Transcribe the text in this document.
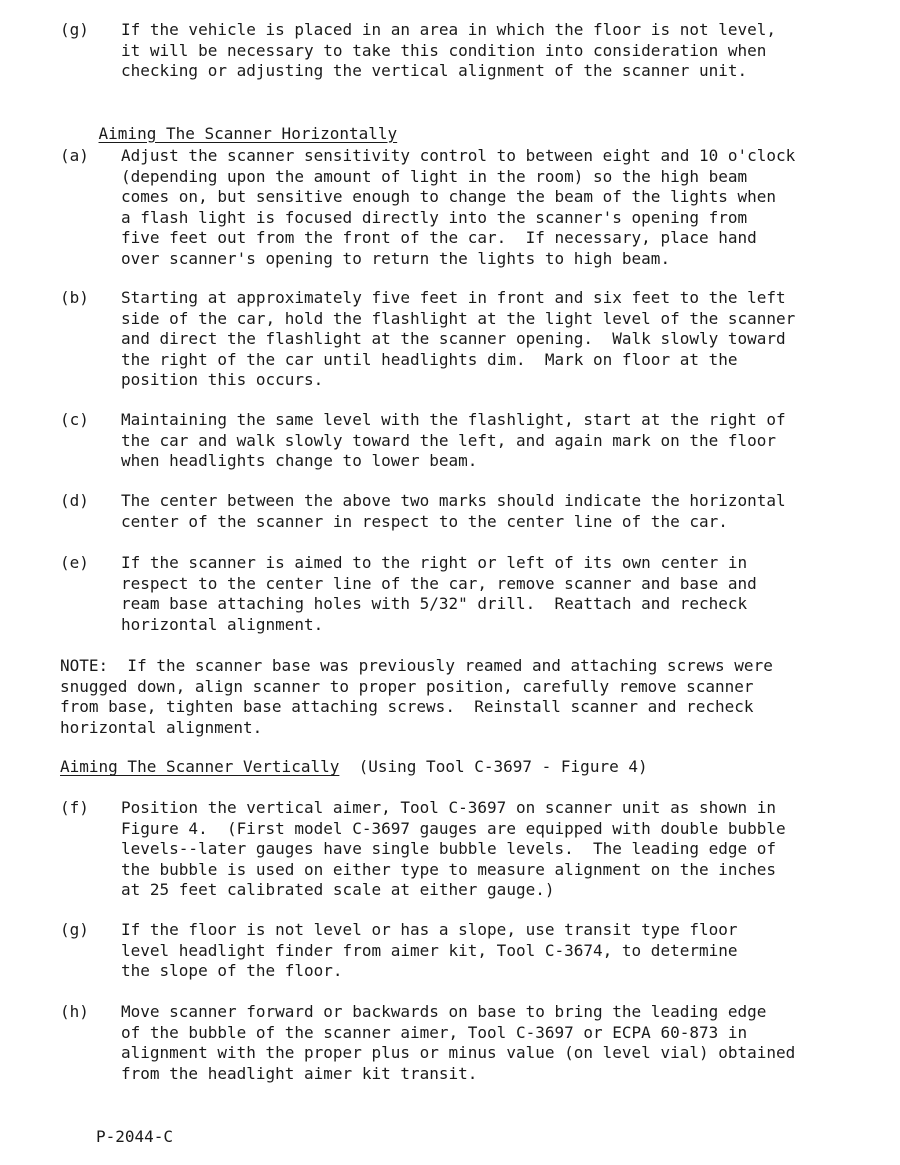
(g) If the vehicle is placed in an area in which the floor is not level,
it will be necessary to take this condition into consideration when
checking or adjusting the vertical alignment of the scanner unit.

Aiming The Scanner Horizontally

(a) Adjust the scanner sensitivity control to between eight and 10 o'clock
(depending upon the amount of light in the room) so the high beam
comes on, but sensitive enough to change the beam of the lights when
a flash light is focused directly into the scanner's opening from
five feet out from the front of the car.  If necessary, place hand
over scanner's opening to return the lights to high beam.
(b) Starting at approximately five feet in front and six feet to the left
side of the car, hold the flashlight at the light level of the scanner
and direct the flashlight at the scanner opening.  Walk slowly toward
the right of the car until headlights dim.  Mark on floor at the
position this occurs.
(c) Maintaining the same level with the flashlight, start at the right of
the car and walk slowly toward the left, and again mark on the floor
when headlights change to lower beam.
(d) The center between the above two marks should indicate the horizontal
center of the scanner in respect to the center line of the car.
(e) If the scanner is aimed to the right or left of its own center in
respect to the center line of the car, remove scanner and base and
ream base attaching holes with 5/32" drill.  Reattach and recheck
horizontal alignment.
NOTE:  If the scanner base was previously reamed and attaching screws were
snugged down, align scanner to proper position, carefully remove scanner
from base, tighten base attaching screws.  Reinstall scanner and recheck
horizontal alignment.
Aiming The Scanner Vertically  (Using Tool C-3697 - Figure 4)
(f) Position the vertical aimer, Tool C-3697 on scanner unit as shown in
Figure 4.  (First model C-3697 gauges are equipped with double bubble
levels--later gauges have single bubble levels.  The leading edge of
the bubble is used on either type to measure alignment on the inches
at 25 feet calibrated scale at either gauge.)
(g) If the floor is not level or has a slope, use transit type floor
level headlight finder from aimer kit, Tool C-3674, to determine
the slope of the floor.
(h) Move scanner forward or backwards on base to bring the leading edge
of the bubble of the scanner aimer, Tool C-3697 or ECPA 60-873 in
alignment with the proper plus or minus value (on level vial) obtained
from the headlight aimer kit transit.
P-2044-C
